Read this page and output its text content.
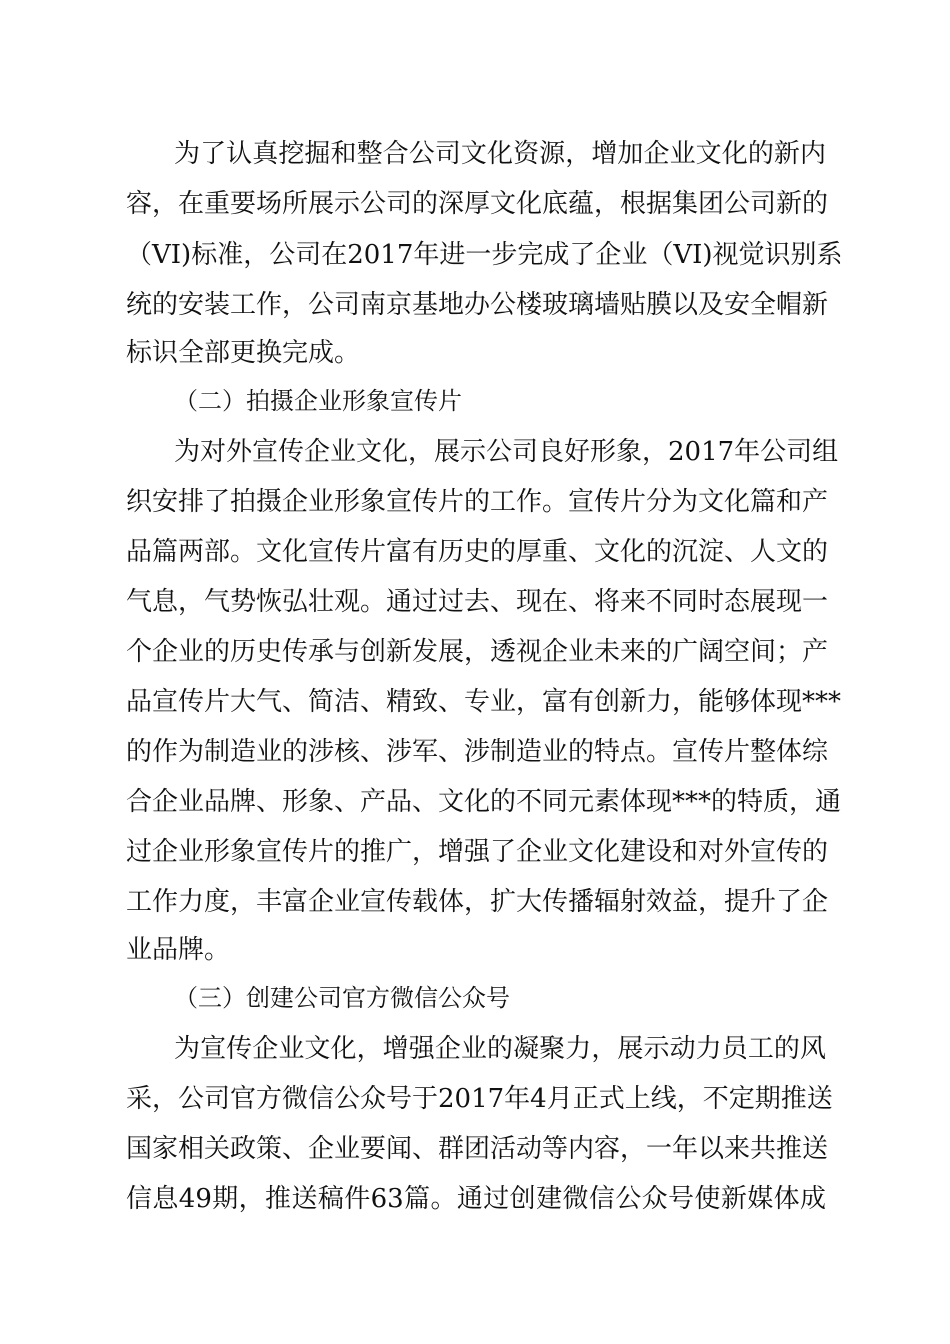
为了认真挖掘和整合公司文化资源，增加企业文化的新内
容，在重要场所展示公司的深厚文化底蕴，根据集团公司新的
（VI)标准，公司在2017年进一步完成了企业（VI)视觉识别系
统的安装工作，公司南京基地办公楼玻璃墙贴膜以及安全帽新
标识全部更换完成。
（二）拍摄企业形象宣传片
为对外宣传企业文化，展示公司良好形象，2017年公司组
织安排了拍摄企业形象宣传片的工作。宣传片分为文化篇和产
品篇两部。文化宣传片富有历史的厚重、文化的沉淀、人文的
气息，气势恢弘壮观。通过过去、现在、将来不同时态展现一
个企业的历史传承与创新发展，透视企业未来的广阔空间；产
品宣传片大气、简洁、精致、专业，富有创新力，能够体现***
的作为制造业的涉核、涉军、涉制造业的特点。宣传片整体综
合企业品牌、形象、产品、文化的不同元素体现***的特质，通
过企业形象宣传片的推广，增强了企业文化建设和对外宣传的
工作力度，丰富企业宣传载体，扩大传播辐射效益，提升了企
业品牌。
（三）创建公司官方微信公众号
为宣传企业文化，增强企业的凝聚力，展示动力员工的风
采，公司官方微信公众号于2017年4月正式上线，不定期推送
国家相关政策、企业要闻、群团活动等内容，一年以来共推送
信息49期，推送稿件63篇。通过创建微信公众号使新媒体成
